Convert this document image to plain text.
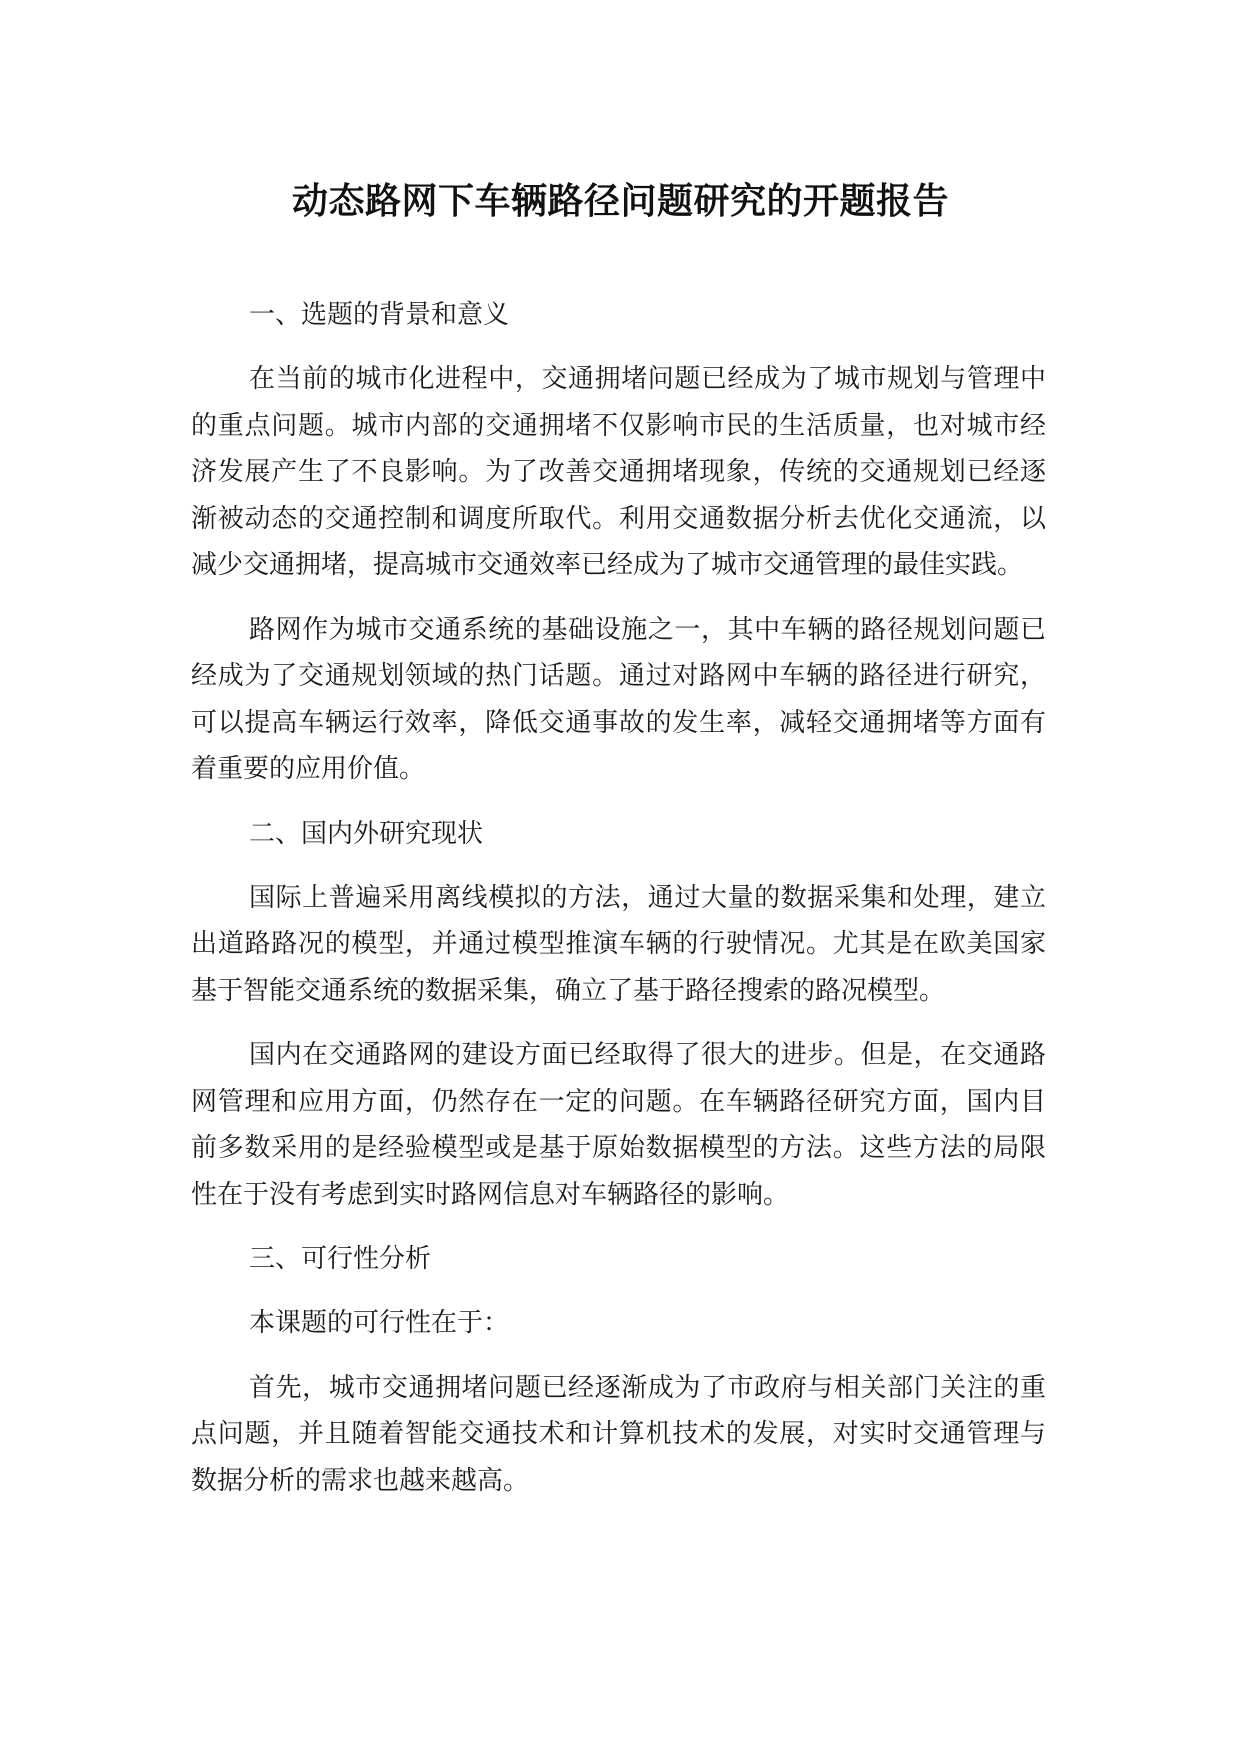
动态路网下车辆路径问题研究的开题报告

一、选题的背景和意义

在当前的城市化进程中，交通拥堵问题已经成为了城市规划与管理中的重点问题。城市内部的交通拥堵不仅影响市民的生活质量，也对城市经济发展产生了不良影响。为了改善交通拥堵现象，传统的交通规划已经逐渐被动态的交通控制和调度所取代。利用交通数据分析去优化交通流，以减少交通拥堵，提高城市交通效率已经成为了城市交通管理的最佳实践。

路网作为城市交通系统的基础设施之一，其中车辆的路径规划问题已经成为了交通规划领域的热门话题。通过对路网中车辆的路径进行研究，可以提高车辆运行效率，降低交通事故的发生率，减轻交通拥堵等方面有着重要的应用价值。

二、国内外研究现状

国际上普遍采用离线模拟的方法，通过大量的数据采集和处理，建立出道路路况的模型，并通过模型推演车辆的行驶情况。尤其是在欧美国家基于智能交通系统的数据采集，确立了基于路径搜索的路况模型。

国内在交通路网的建设方面已经取得了很大的进步。但是，在交通路网管理和应用方面，仍然存在一定的问题。在车辆路径研究方面，国内目前多数采用的是经验模型或是基于原始数据模型的方法。这些方法的局限性在于没有考虑到实时路网信息对车辆路径的影响。

三、可行性分析

本课题的可行性在于：

首先，城市交通拥堵问题已经逐渐成为了市政府与相关部门关注的重点问题，并且随着智能交通技术和计算机技术的发展，对实时交通管理与数据分析的需求也越来越高。
